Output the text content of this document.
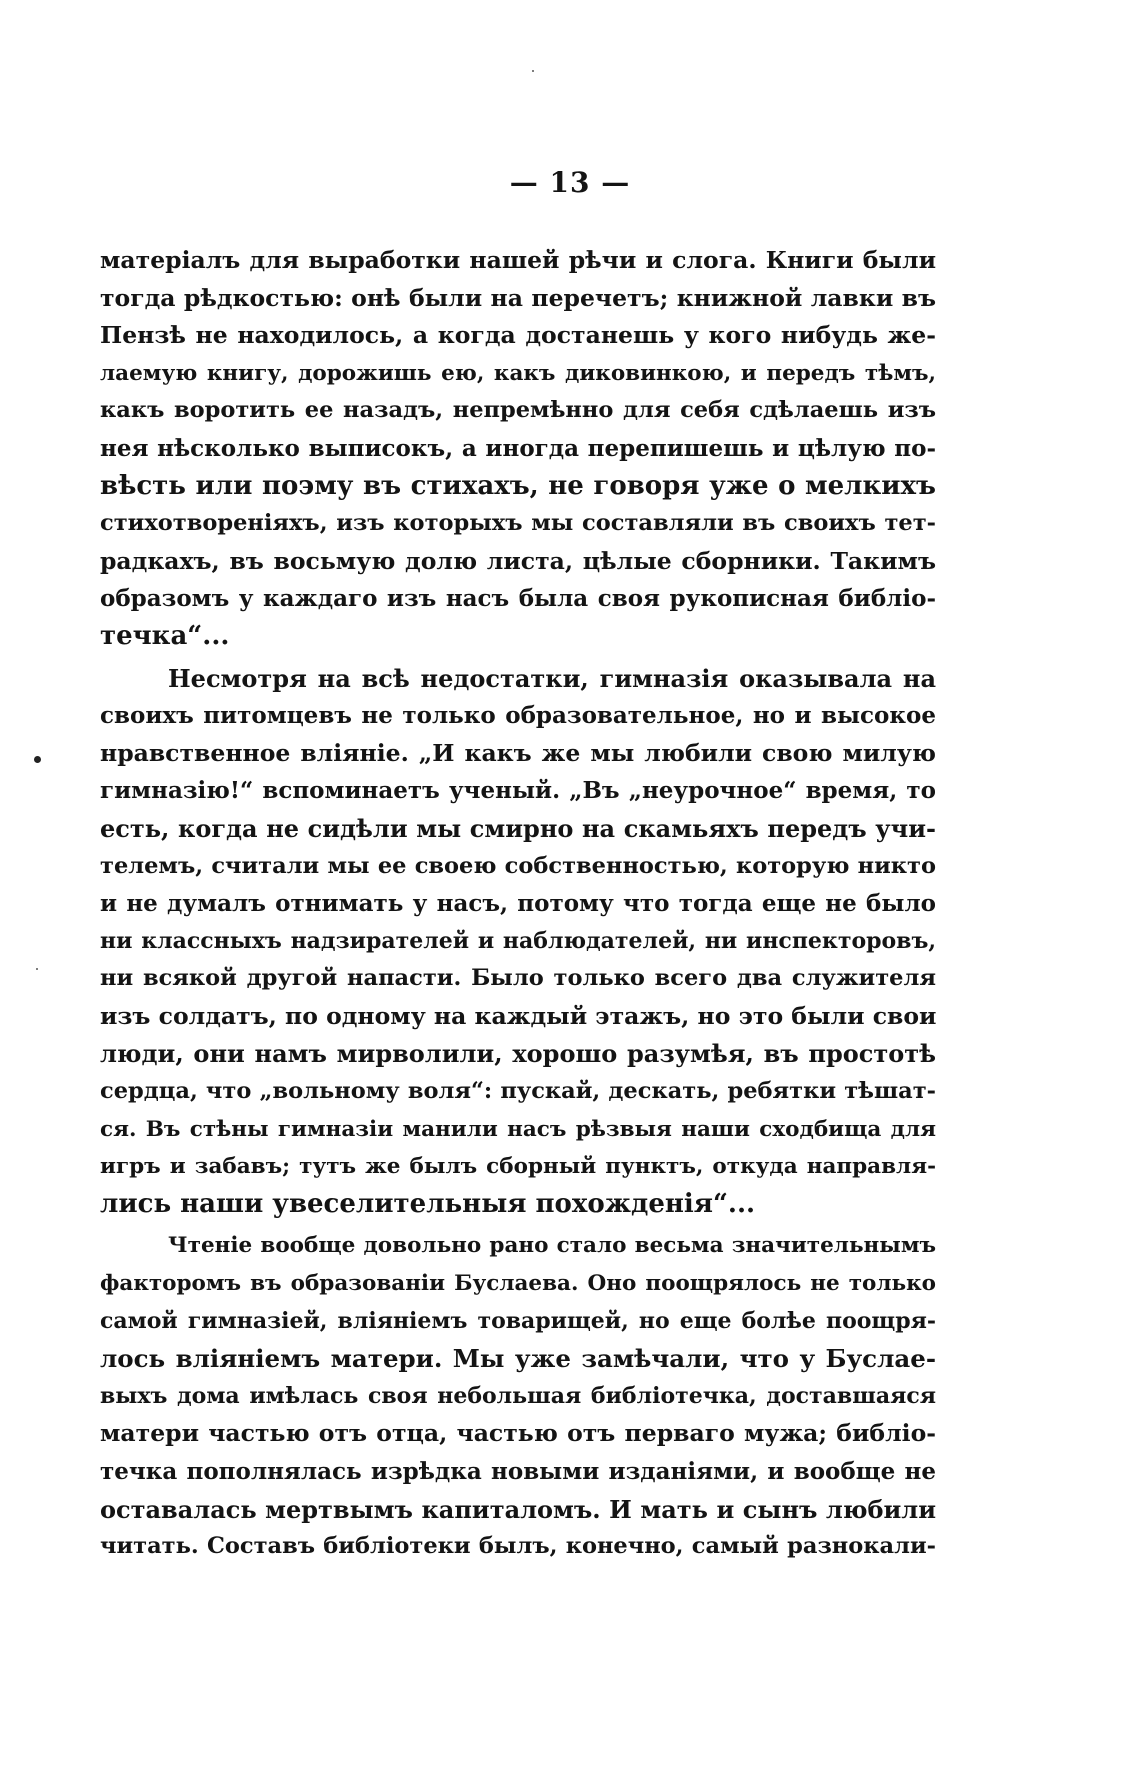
— 13 —
матеріалъ для выработки нашей рѣчи и слога. Книги были
тогда рѣдкостью: онѣ были на перечетъ; книжной лавки въ
Пензѣ не находилось, а когда достанешь у кого нибудь же-
лаемую книгу, дорожишь ею, какъ диковинкою, и передъ тѣмъ,
какъ воротить ее назадъ, непремѣнно для себя сдѣлаешь изъ
нея нѣсколько выписокъ, а иногда перепишешь и цѣлую по-
вѣсть или поэму въ стихахъ, не говоря уже о мелкихъ
стихотвореніяхъ, изъ которыхъ мы составляли въ своихъ тет-
радкахъ, въ восьмую долю листа, цѣлые сборники. Такимъ
образомъ у каждаго изъ насъ была своя рукописная библіо-
течка“...
Несмотря на всѣ недостатки, гимназія оказывала на
своихъ питомцевъ не только образовательное, но и высокое
нравственное вліяніе. „И какъ же мы любили свою милую
гимназію!“ вспоминаетъ ученый. „Въ „неурочное“ время, то
есть, когда не сидѣли мы смирно на скамьяхъ передъ учи-
телемъ, считали мы ее своею собственностью, которую никто
и не думалъ отнимать у насъ, потому что тогда еще не было
ни классныхъ надзирателей и наблюдателей, ни инспекторовъ,
ни всякой другой напасти. Было только всего два служителя
изъ солдатъ, по одному на каждый этажъ, но это были свои
люди, они намъ мирволили, хорошо разумѣя, въ простотѣ
сердца, что „вольному воля“: пускай, дескать, ребятки тѣшат-
ся. Въ стѣны гимназіи манили насъ рѣзвыя наши сходбища для
игръ и забавъ; тутъ же былъ сборный пунктъ, откуда направля-
лись наши увеселительныя похожденія“...
Чтеніе вообще довольно рано стало весьма значительнымъ
факторомъ въ образованіи Буслаева. Оно поощрялось не только
самой гимназіей, вліяніемъ товарищей, но еще болѣе поощря-
лось вліяніемъ матери. Мы уже замѣчали, что у Буслае-
выхъ дома имѣлась своя небольшая библіотечка, доставшаяся
матери частью отъ отца, частью отъ перваго мужа; библіо-
течка пополнялась изрѣдка новыми изданіями, и вообще не
оставалась мертвымъ капиталомъ. И мать и сынъ любили
читать. Составъ библіотеки былъ, конечно, самый разнокали-
